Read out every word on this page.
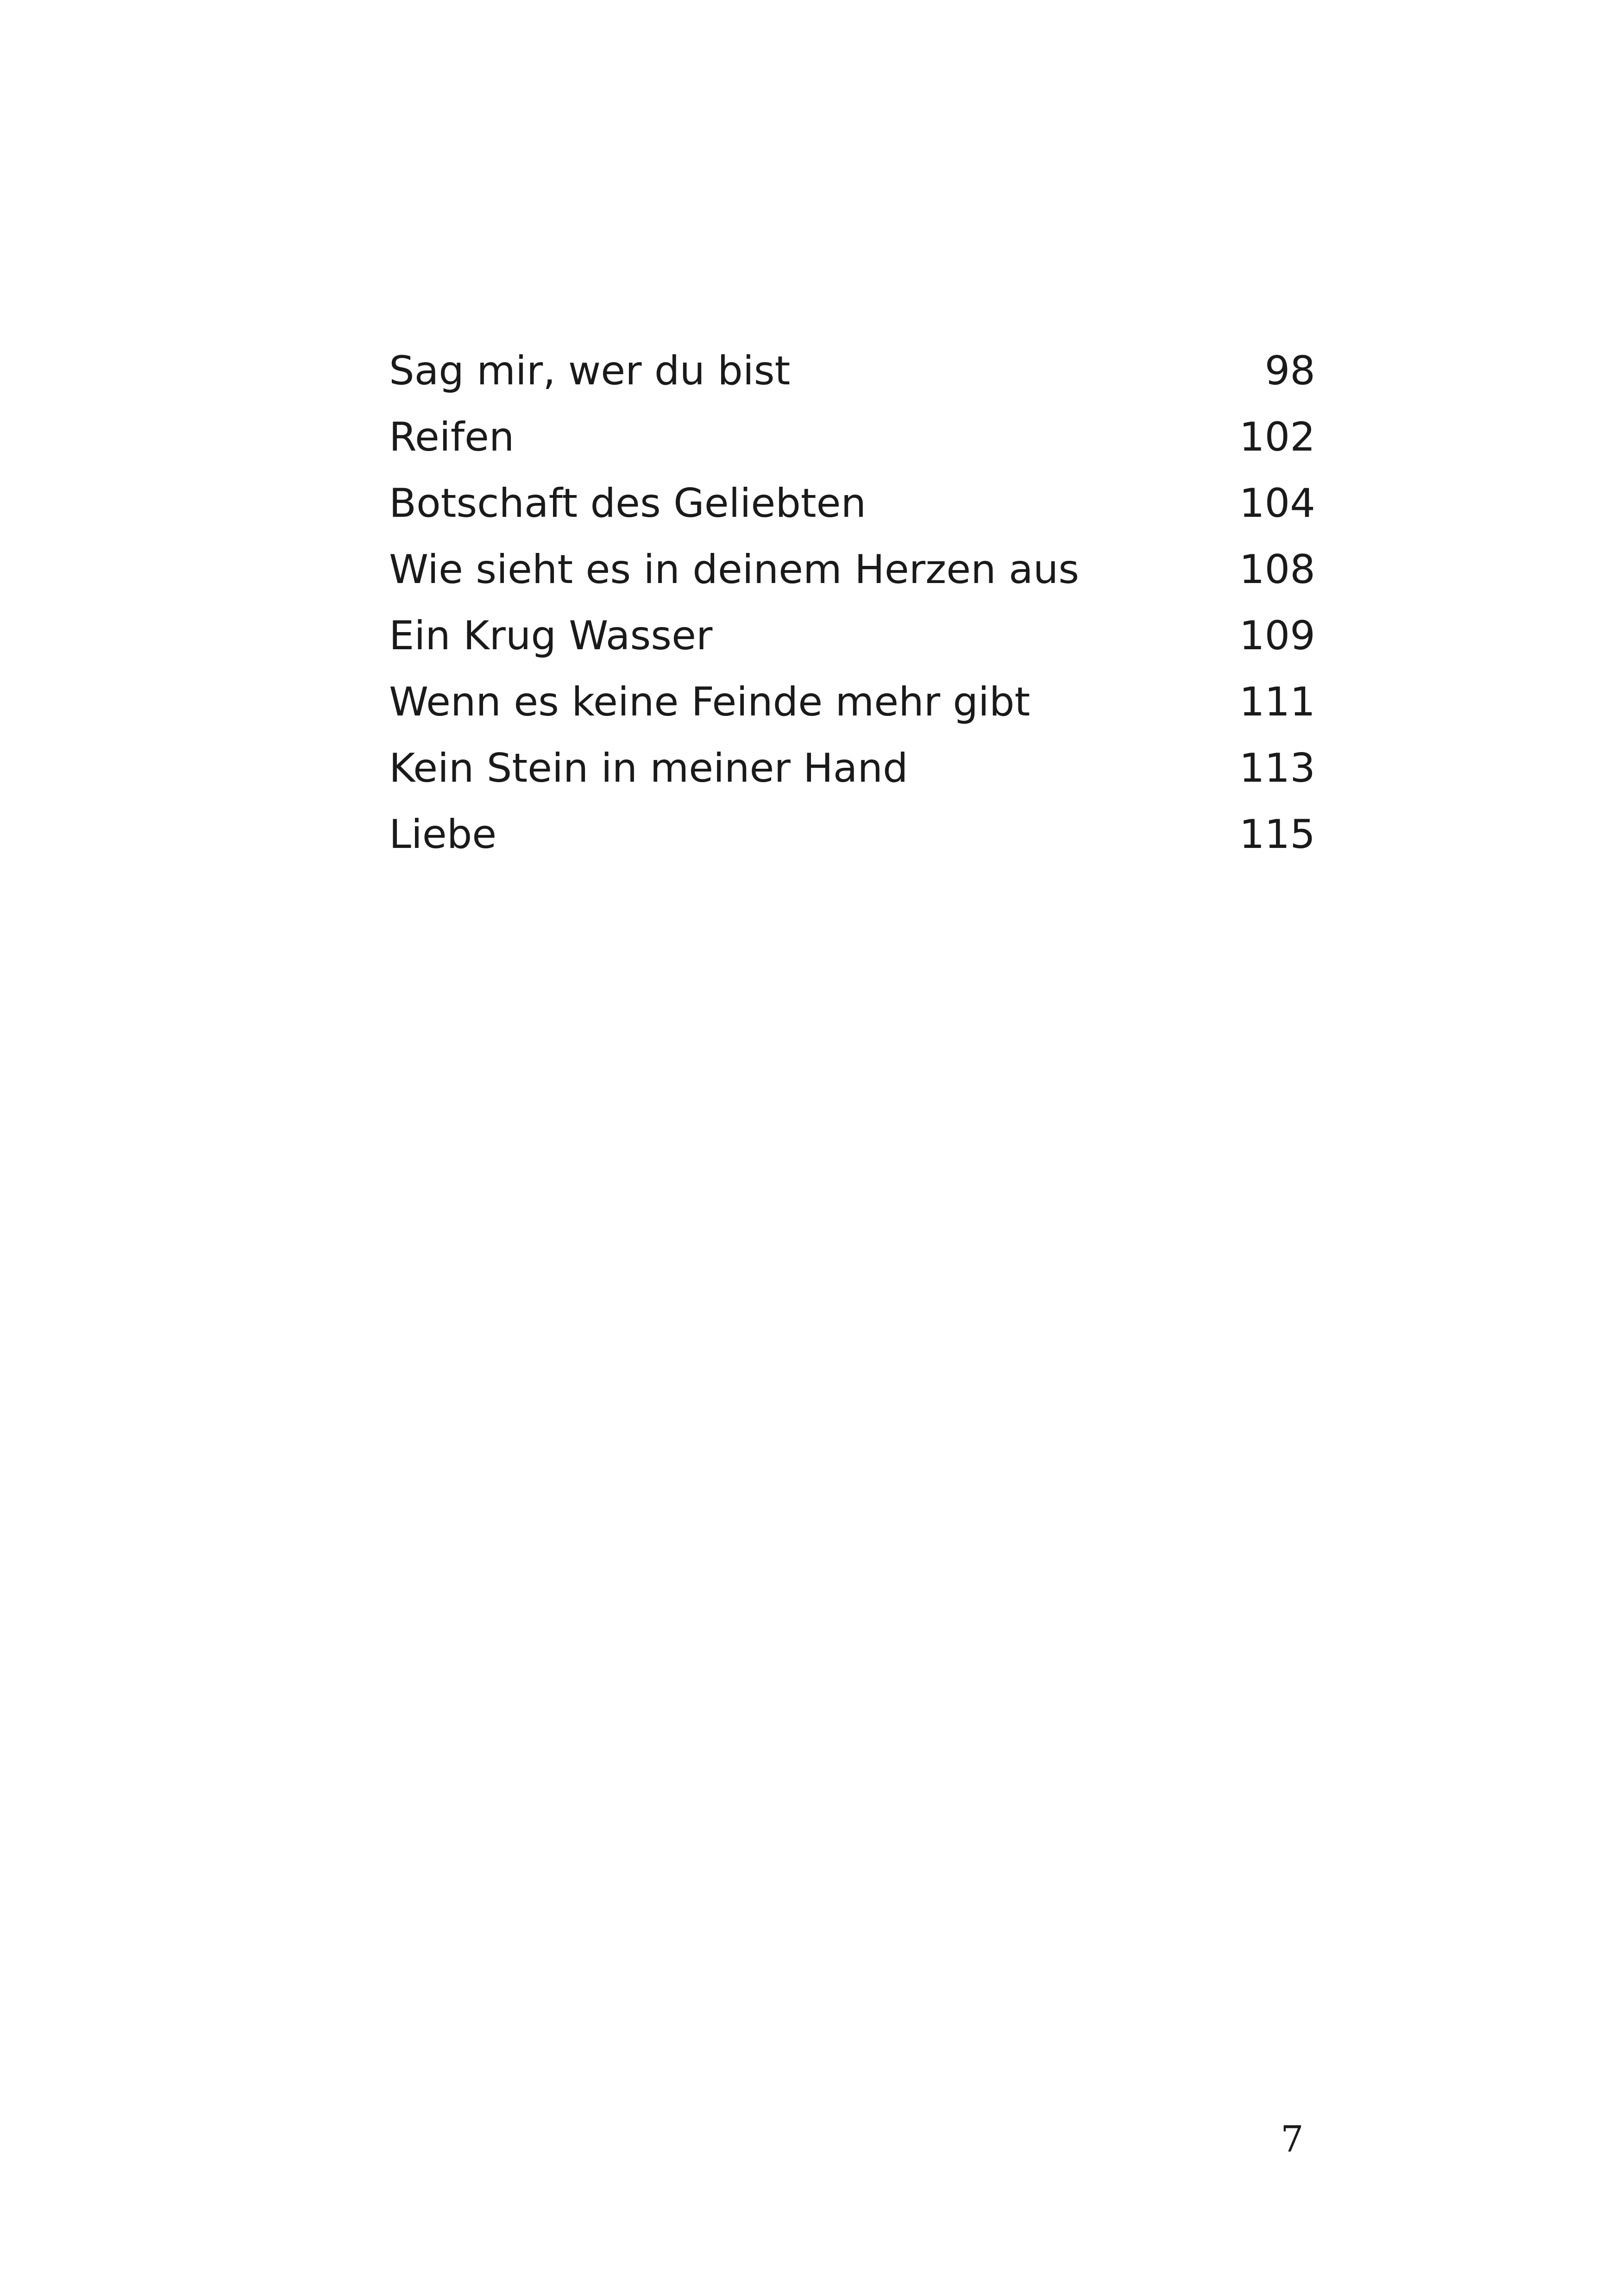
Sag mir, wer du bist	98
Reifen	102
Botschaft des Geliebten	104
Wie sieht es in deinem Herzen aus	108
Ein Krug Wasser	109
Wenn es keine Feinde mehr gibt	111
Kein Stein in meiner Hand	113
Liebe	115
7
